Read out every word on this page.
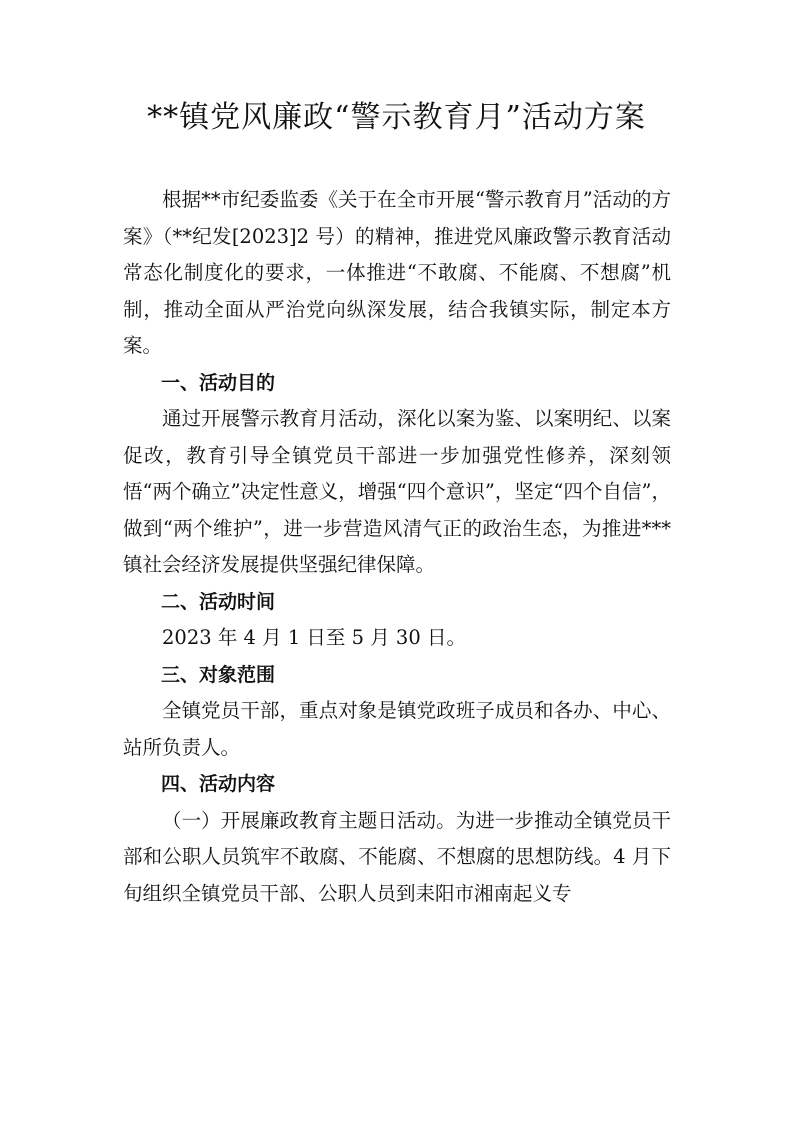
**镇党风廉政“警示教育月”活动方案

根据**市纪委监委《关于在全市开展“警示教育月”活动的方案》（**纪发[2023]2 号）的精神，推进党风廉政警示教育活动常态化制度化的要求，一体推进“不敢腐、不能腐、不想腐”机制，推动全面从严治党向纵深发展，结合我镇实际，制定本方案。

一、活动目的

通过开展警示教育月活动，深化以案为鉴、以案明纪、以案促改，教育引导全镇党员干部进一步加强党性修养，深刻领悟“两个确立”决定性意义，增强“四个意识”，坚定“四个自信”，做到“两个维护”，进一步营造风清气正的政治生态，为推进***镇社会经济发展提供坚强纪律保障。

二、活动时间

2023 年 4 月 1 日至 5 月 30 日。

三、对象范围

全镇党员干部，重点对象是镇党政班子成员和各办、中心、站所负责人。

四、活动内容

（一）开展廉政教育主题日活动。为进一步推动全镇党员干部和公职人员筑牢不敢腐、不能腐、不想腐的思想防线。4 月下旬组织全镇党员干部、公职人员到耒阳市湘南起义专
